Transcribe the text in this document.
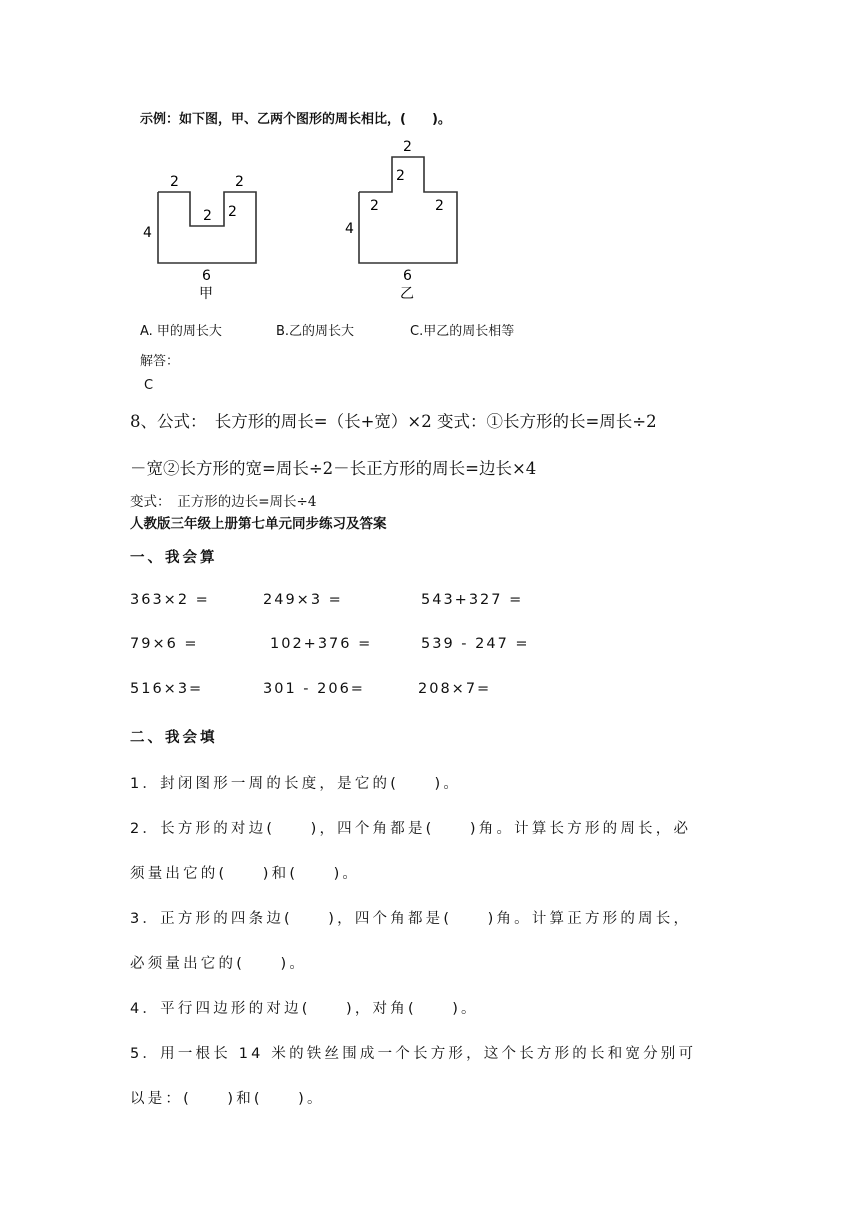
示例：如下图，甲、乙两个图形的周长相比，(　　)。
2	2
2 2
4
6
甲
2
2
2	2
4
6
乙
A. 甲的周长大	B.乙的周长大	C.甲乙的周长相等
解答：
C
8、公式：　长方形的周长=（长+宽）×2 变式：①长方形的长=周长÷2
－宽②长方形的宽=周长÷2－长正方形的周长=边长×4
变式：　正方形的边长=周长÷4
人教版三年级上册第七单元同步练习及答案
一、我会算
363×2 =	249×3 =	543+327 =
79×6 =	102+376 =	539 - 247 =
516×3=	301 - 206=	208×7=
二、我会填
1．封闭图形一周的长度，是它的(　　)。
2．长方形的对边(　　)，四个角都是(　　)角。计算长方形的周长，必
须量出它的(　　)和(　　)。
3．正方形的四条边(　　)，四个角都是(　　)角。计算正方形的周长，
必须量出它的(　　)。
4．平行四边形的对边(　　)，对角(　　)。
5．用一根长 14 米的铁丝围成一个长方形，这个长方形的长和宽分别可
以是：(　　)和(　　)。
